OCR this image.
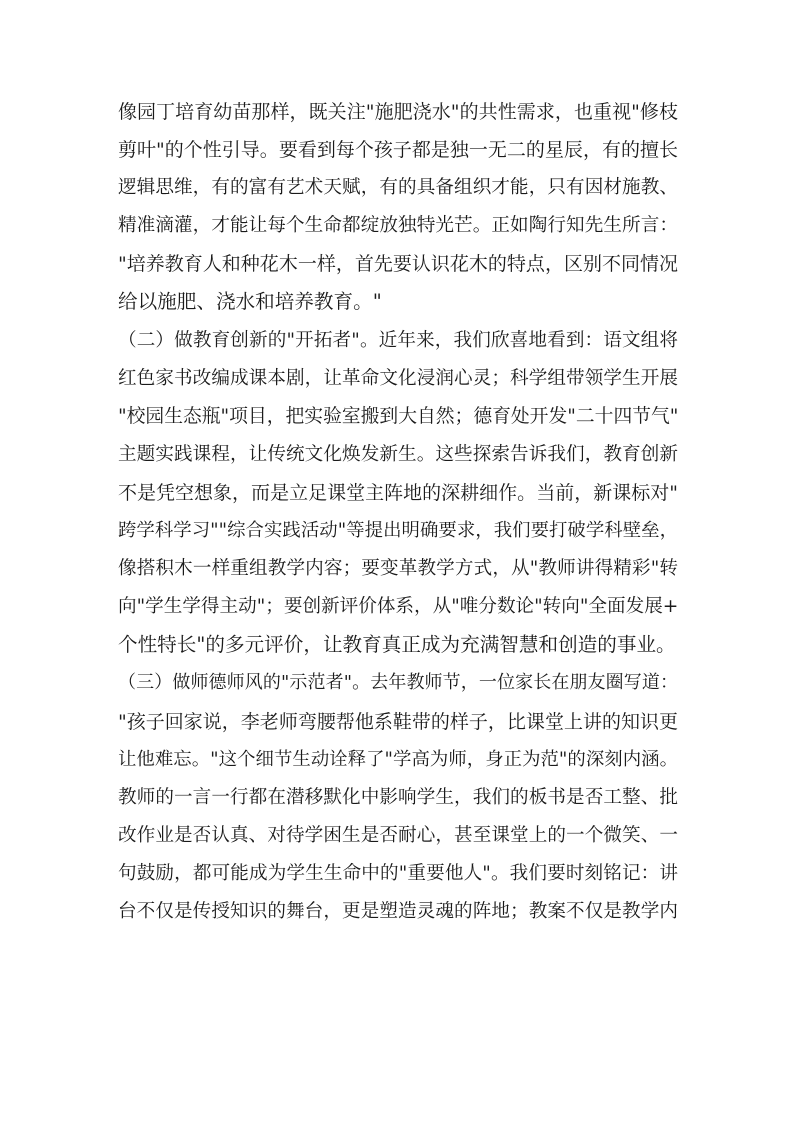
像园丁培育幼苗那样，既关注"施肥浇水"的共性需求，也重视"修枝
剪叶"的个性引导。要看到每个孩子都是独一无二的星辰，有的擅长
逻辑思维，有的富有艺术天赋，有的具备组织才能，只有因材施教、
精准滴灌，才能让每个生命都绽放独特光芒。正如陶行知先生所言：
"培养教育人和种花木一样，首先要认识花木的特点，区别不同情况
给以施肥、浇水和培养教育。"
（二）做教育创新的"开拓者"。近年来，我们欣喜地看到：语文组将
红色家书改编成课本剧，让革命文化浸润心灵；科学组带领学生开展
"校园生态瓶"项目，把实验室搬到大自然；德育处开发"二十四节气"
主题实践课程，让传统文化焕发新生。这些探索告诉我们，教育创新
不是凭空想象，而是立足课堂主阵地的深耕细作。当前，新课标对"
跨学科学习""综合实践活动"等提出明确要求，我们要打破学科壁垒，
像搭积木一样重组教学内容；要变革教学方式，从"教师讲得精彩"转
向"学生学得主动"；要创新评价体系，从"唯分数论"转向"全面发展+
个性特长"的多元评价，让教育真正成为充满智慧和创造的事业。
（三）做师德师风的"示范者"。去年教师节，一位家长在朋友圈写道：
"孩子回家说，李老师弯腰帮他系鞋带的样子，比课堂上讲的知识更
让他难忘。"这个细节生动诠释了"学高为师，身正为范"的深刻内涵。
教师的一言一行都在潜移默化中影响学生，我们的板书是否工整、批
改作业是否认真、对待学困生是否耐心，甚至课堂上的一个微笑、一
句鼓励，都可能成为学生生命中的"重要他人"。我们要时刻铭记：讲
台不仅是传授知识的舞台，更是塑造灵魂的阵地；教案不仅是教学内
